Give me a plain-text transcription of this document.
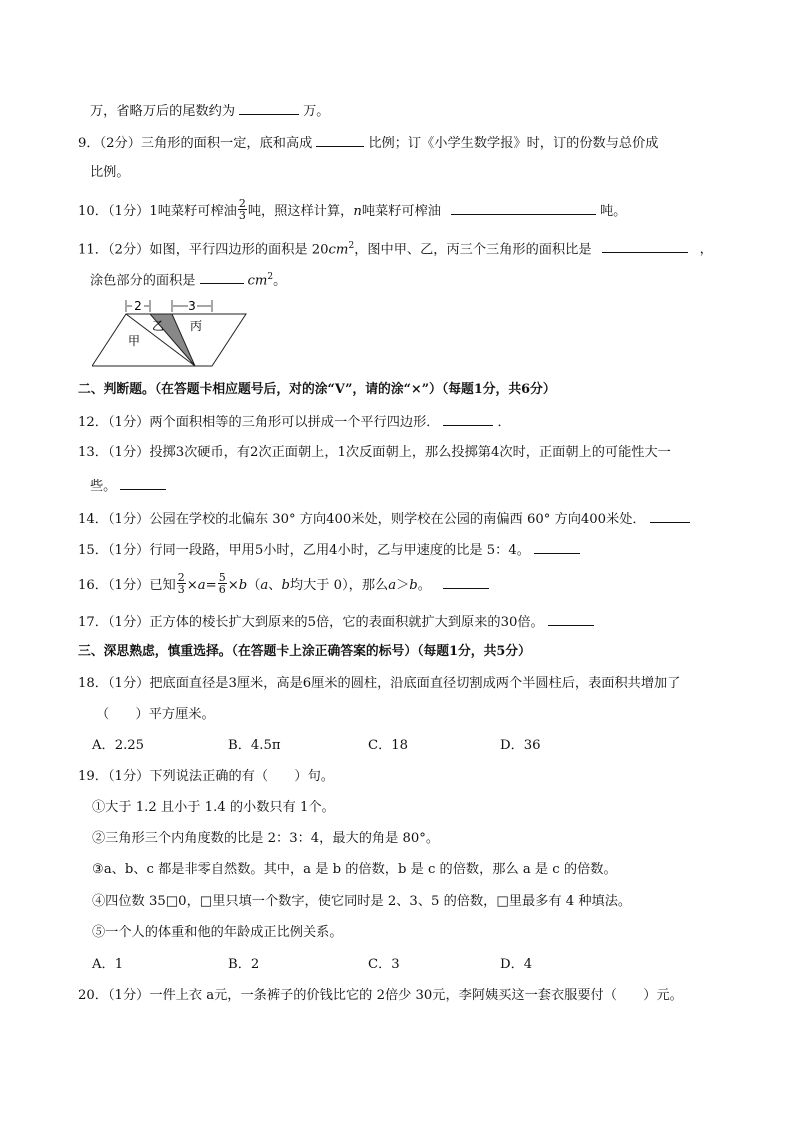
万，省略万后的尾数约为	万。
9．（2分）三角形的面积一定，底和高成	比例；订《小学生数学报》时，订的份数与总价成
比例。
10．（1分）1吨菜籽可榨油 $\frac{2}{3}$ 吨，照这样计算，n吨菜籽可榨油	吨。
11．（2分）如图，平行四边形的面积是 $20cm^2$，图中甲、乙，丙三个三角形的面积比是	，
涂色部分的面积是	$cm^2$。
2	3
甲
乙 丙
二、判断题。（在答题卡相应题号后，对的涂“V”，请的涂“×”）（每题1分，共6分）
12．（1分）两个面积相等的三角形可以拼成一个平行四边形．	．
13．（1分）投掷3次硬币，有2次正面朝上，1次反面朝上，那么投掷第4次时，正面朝上的可能性大一
些。
14．（1分）公园在学校的北偏东 30° 方向400米处，则学校在公园的南偏西 60° 方向400米处．
15．（1分）行同一段路，甲用5小时，乙用4小时，乙与甲速度的比是 5：4。
16．（1分）已知 $\frac{2}{3} \times a= \frac{5}{6} \times b(a$、b均大于 0），那么a＞b。
17．（1分）正方体的棱长扩大到原来的5倍，它的表面积就扩大到原来的30倍。
三、深思熟虑，慎重选择。（在答题卡上涂正确答案的标号）（每题1分，共5分）
18．（1分）把底面直径是3厘米，高是6厘米的圆柱，沿底面直径切割成两个半圆柱后，表面积共增加了
（　　）平方厘米。
A．2.25	B．4.5π	C．18	D．36
19．（1分）下列说法正确的有（　　）句。
①大于 1.2 且小于 1.4 的小数只有 1个。
②三角形三个内角度数的比是 2：3：4，最大的角是 80°。
③a、b、c 都是非零自然数。其中，a 是 b 的倍数，b 是 c 的倍数，那么 a 是 c 的倍数。
④四位数 35□0，□里只填一个数字，使它同时是 2、3、5 的倍数，□里最多有 4 种填法。
⑤一个人的体重和他的年龄成正比例关系。
A．1	B．2	C．3	D．4
20．（1分）一件上衣 a元，一条裤子的价钱比它的 2倍少 30元，李阿姨买这一套衣服要付（　　）元。
